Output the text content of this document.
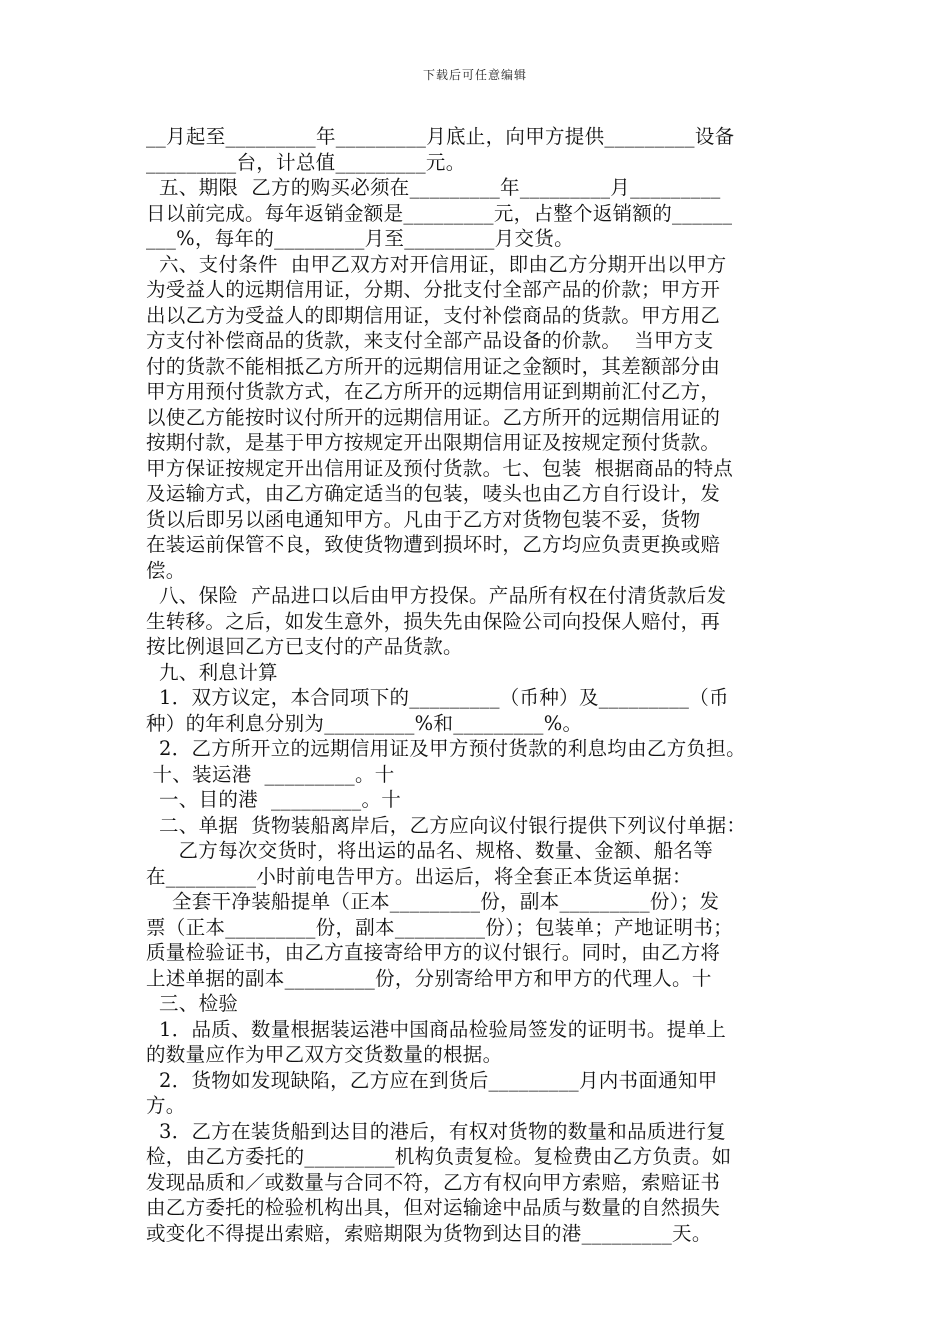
下载后可任意编辑
__月起至_________年_________月底止，向甲方提供_________设备
_________台，计总值_________元。
五、期限  乙方的购买必须在_________年_________月_________
日以前完成。每年返销金额是_________元，占整个返销额的______
___%，每年的_________月至_________月交货。
六、支付条件  由甲乙双方对开信用证，即由乙方分期开出以甲方
为受益人的远期信用证，分期、分批支付全部产品的价款；甲方开
出以乙方为受益人的即期信用证，支付补偿商品的货款。甲方用乙
方支付补偿商品的货款，来支付全部产品设备的价款。  当甲方支
付的货款不能相抵乙方所开的远期信用证之金额时，其差额部分由
甲方用预付货款方式，在乙方所开的远期信用证到期前汇付乙方，
以使乙方能按时议付所开的远期信用证。乙方所开的远期信用证的
按期付款，是基于甲方按规定开出限期信用证及按规定预付货款。
甲方保证按规定开出信用证及预付货款。七、包装  根据商品的特点
及运输方式，由乙方确定适当的包装，唛头也由乙方自行设计，发
货以后即另以函电通知甲方。凡由于乙方对货物包装不妥，货物
在装运前保管不良，致使货物遭到损坏时，乙方均应负责更换或赔
偿。
八、保险  产品进口以后由甲方投保。产品所有权在付清货款后发
生转移。之后，如发生意外，损失先由保险公司向投保人赔付，再
按比例退回乙方已支付的产品货款。
九、利息计算
1．双方议定，本合同项下的_________（币种）及_________（币
种）的年利息分别为_________%和_________%。
2．乙方所开立的远期信用证及甲方预付货款的利息均由乙方负担。
十、装运港  _________。十
一、目的港  _________。十
二、单据  货物装船离岸后，乙方应向议付银行提供下列议付单据：
乙方每次交货时，将出运的品名、规格、数量、金额、船名等
在_________小时前电告甲方。出运后，将全套正本货运单据：
全套干净装船提单（正本_________份，副本_________份）；发
票（正本_________份，副本_________份）；包装单；产地证明书；
质量检验证书，由乙方直接寄给甲方的议付银行。同时，由乙方将
上述单据的副本_________份，分别寄给甲方和甲方的代理人。十
三、检验
1．品质、数量根据装运港中国商品检验局签发的证明书。提单上
的数量应作为甲乙双方交货数量的根据。
2．货物如发现缺陷，乙方应在到货后_________月内书面通知甲
方。
3．乙方在装货船到达目的港后，有权对货物的数量和品质进行复
检，由乙方委托的_________机构负责复检。复检费由乙方负责。如
发现品质和／或数量与合同不符，乙方有权向甲方索赔，索赔证书
由乙方委托的检验机构出具，但对运输途中品质与数量的自然损失
或变化不得提出索赔，索赔期限为货物到达目的港_________天。
